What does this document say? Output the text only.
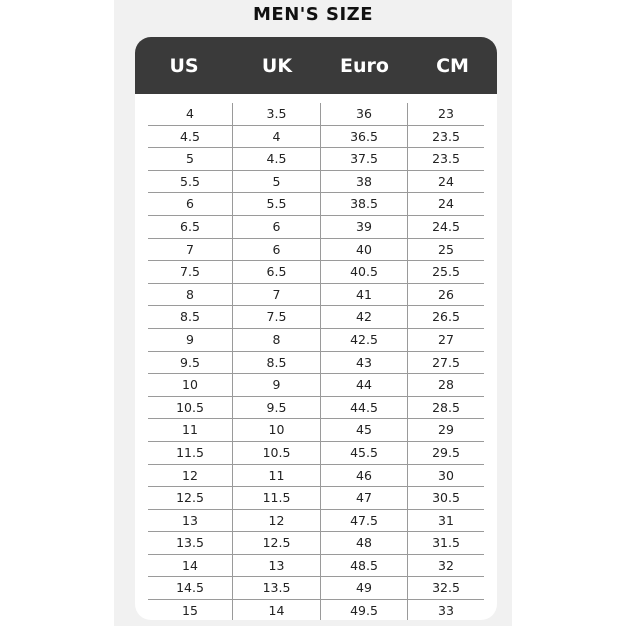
MEN'S SIZE
US	UK	Euro	CM
4	3.5	36	23
4.5	4	36.5	23.5
5	4.5	37.5	23.5
5.5	5	38	24
6	5.5	38.5	24
6.5	6	39	24.5
7	6	40	25
7.5	6.5	40.5	25.5
8	7	41	26
8.5	7.5	42	26.5
9	8	42.5	27
9.5	8.5	43	27.5
10	9	44	28
10.5	9.5	44.5	28.5
11	10	45	29
11.5	10.5	45.5	29.5
12	11	46	30
12.5	11.5	47	30.5
13	12	47.5	31
13.5	12.5	48	31.5
14	13	48.5	32
14.5	13.5	49	32.5
15	14	49.5	33
